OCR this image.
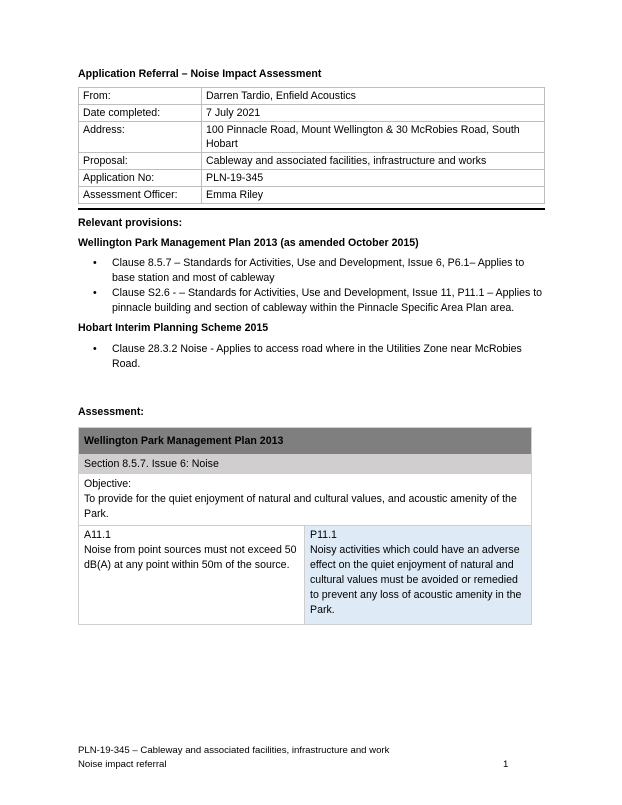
Application Referral – Noise Impact Assessment
From:	Darren Tardio, Enfield Acoustics
Date completed:	7 July 2021
Address:	100 Pinnacle Road, Mount Wellington & 30 McRobies Road, South Hobart
Proposal:	Cableway and associated facilities, infrastructure and works
Application No:	PLN-19-345
Assessment Officer:	Emma Riley
Relevant provisions:
Wellington Park Management Plan 2013 (as amended October 2015)
• Clause 8.5.7 – Standards for Activities, Use and Development, Issue 6, P6.1– Applies to base station and most of cableway
• Clause S2.6 - – Standards for Activities, Use and Development, Issue 11, P11.1 – Applies to pinnacle building and section of cableway within the Pinnacle Specific Area Plan area.
Hobart Interim Planning Scheme 2015
• Clause 28.3.2 Noise - Applies to access road where in the Utilities Zone near McRobies Road.
Assessment:
Wellington Park Management Plan 2013
Section 8.5.7. Issue 6: Noise
Objective:
To provide for the quiet enjoyment of natural and cultural values, and acoustic amenity of the Park.
A11.1
Noise from point sources must not exceed 50 dB(A) at any point within 50m of the source.
P11.1
Noisy activities which could have an adverse effect on the quiet enjoyment of natural and cultural values must be avoided or remedied to prevent any loss of acoustic amenity in the Park.
PLN-19-345 – Cableway and associated facilities, infrastructure and work
Noise impact referral	1
